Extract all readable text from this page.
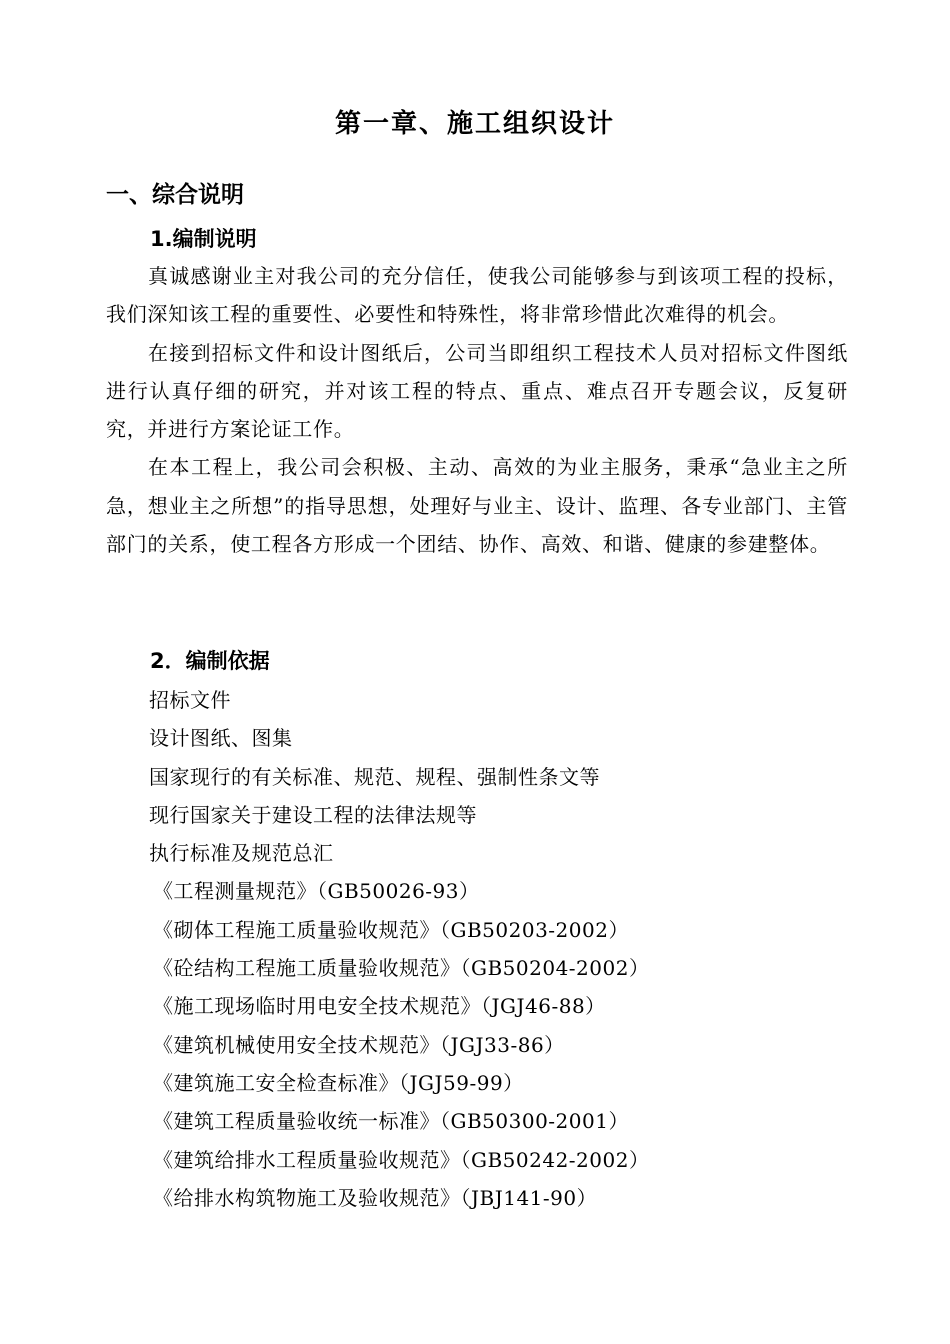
第一章、施工组织设计
一、综合说明
1.编制说明

真诚感谢业主对我公司的充分信任，使我公司能够参与到该项工程的投标，我们深知该工程的重要性、必要性和特殊性，将非常珍惜此次难得的机会。

在接到招标文件和设计图纸后，公司当即组织工程技术人员对招标文件图纸进行认真仔细的研究，并对该工程的特点、重点、难点召开专题会议，反复研究，并进行方案论证工作。

在本工程上，我公司会积极、主动、高效的为业主服务，秉承“急业主之所急，想业主之所想”的指导思想，处理好与业主、设计、监理、各专业部门、主管部门的关系，使工程各方形成一个团结、协作、高效、和谐、健康的参建整体。

2．编制依据
招标文件
设计图纸、图集
国家现行的有关标准、规范、规程、强制性条文等
现行国家关于建设工程的法律法规等
执行标准及规范总汇
《工程测量规范》（GB50026-93）
《砌体工程施工质量验收规范》（GB50203-2002）
《砼结构工程施工质量验收规范》（GB50204-2002）
《施工现场临时用电安全技术规范》（JGJ46-88）
《建筑机械使用安全技术规范》（JGJ33-86）
《建筑施工安全检查标准》（JGJ59-99）
《建筑工程质量验收统一标准》（GB50300-2001）
《建筑给排水工程质量验收规范》（GB50242-2002）
《给排水构筑物施工及验收规范》（JBJ141-90）
